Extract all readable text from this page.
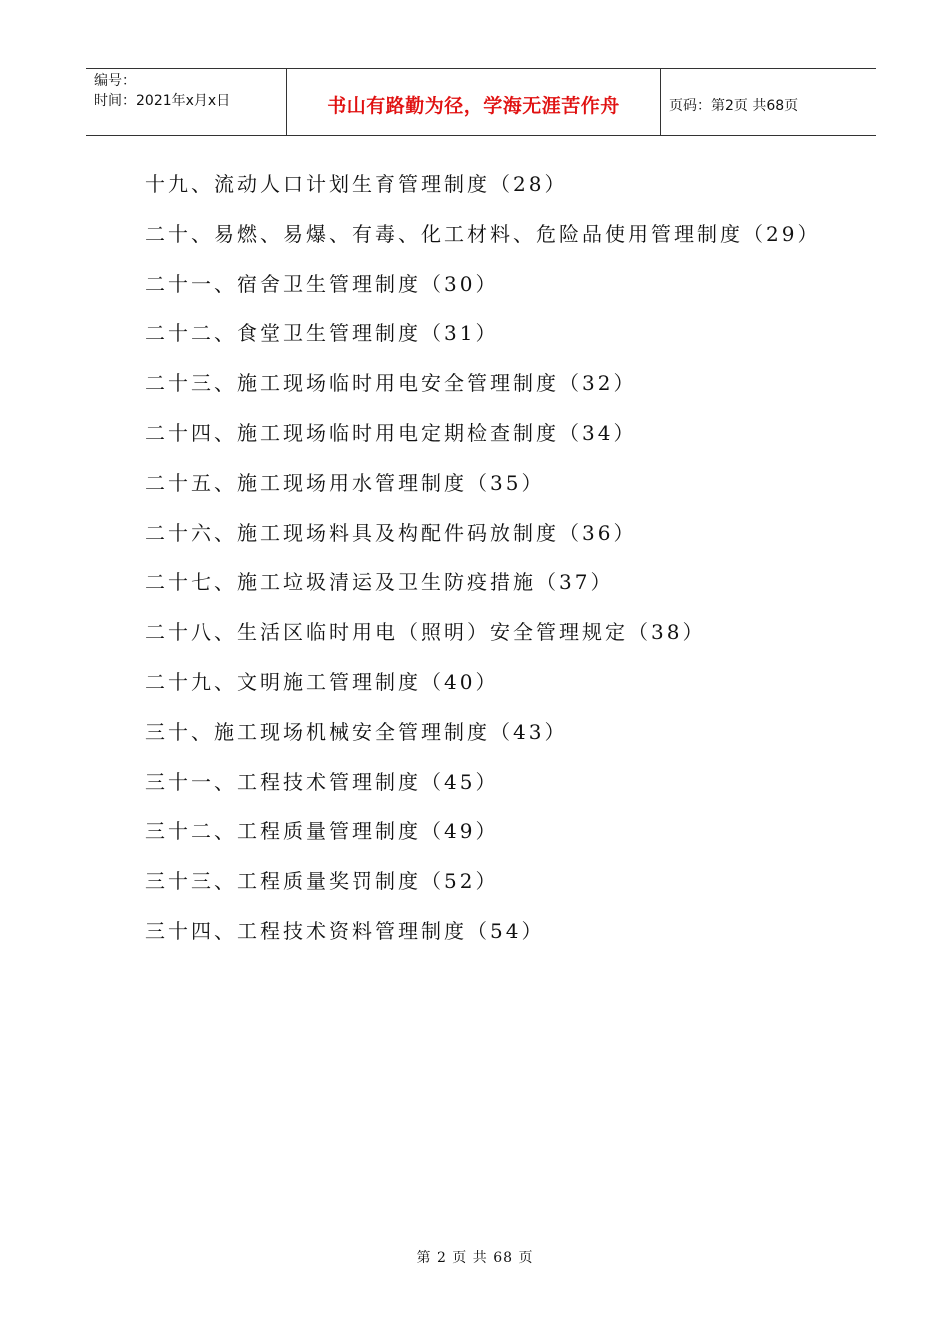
编号：
时间：2021年x月x日	书山有路勤为径，学海无涯苦作舟	页码：第2页 共68页
十九、流动人口计划生育管理制度（28）
二十、易燃、易爆、有毒、化工材料、危险品使用管理制度（29）
二十一、宿舍卫生管理制度（30）
二十二、食堂卫生管理制度（31）
二十三、施工现场临时用电安全管理制度（32）
二十四、施工现场临时用电定期检查制度（34）
二十五、施工现场用水管理制度（35）
二十六、施工现场料具及构配件码放制度（36）
二十七、施工垃圾清运及卫生防疫措施（37）
二十八、生活区临时用电（照明）安全管理规定（38）
二十九、文明施工管理制度（40）
三十、施工现场机械安全管理制度（43）
三十一、工程技术管理制度（45）
三十二、工程质量管理制度（49）
三十三、工程质量奖罚制度（52）
三十四、工程技术资料管理制度（54）
第 2 页 共 68 页
